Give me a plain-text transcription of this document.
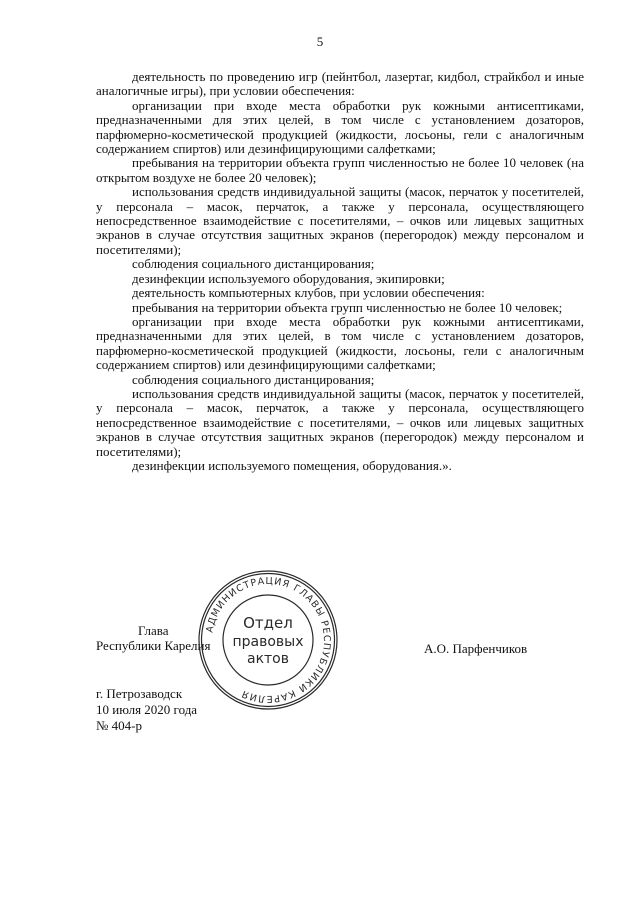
5

деятельность по проведению игр (пейнтбол, лазертаг, кидбол, страйкбол и иные аналогичные игры), при условии обеспечения:

организации при входе места обработки рук кожными антисептиками, предназначенными для этих целей, в том числе с установлением дозаторов, парфюмерно-косметической продукцией (жидкости, лосьоны, гели с аналогичным содержанием спиртов) или дезинфицирующими салфетками;

пребывания на территории объекта групп численностью не более 10 человек (на открытом воздухе не более 20 человек);

использования средств индивидуальной защиты (масок, перчаток у посетителей, у персонала – масок, перчаток, а также у персонала, осуществляющего непосредственное взаимодействие с посетителями, – очков или лицевых защитных экранов в случае отсутствия защитных экранов (перегородок) между персоналом и посетителями);

соблюдения социального дистанцирования;

дезинфекции используемого оборудования, экипировки;

деятельность компьютерных клубов, при условии обеспечения:

пребывания на территории объекта групп численностью не более 10 человек;

организации при входе места обработки рук кожными антисептиками, предназначенными для этих целей, в том числе с установлением дозаторов, парфюмерно-косметической продукцией (жидкости, лосьоны, гели с аналогичным содержанием спиртов) или дезинфицирующими салфетками;

соблюдения социального дистанцирования;

использования средств индивидуальной защиты (масок, перчаток у посетителей, у персонала – масок, перчаток, а также у персонала, осуществляющего непосредственное взаимодействие с посетителями, – очков или лицевых защитных экранов в случае отсутствия защитных экранов (перегородок) между персоналом и посетителями);

дезинфекции используемого помещения, оборудования.».

Глава
Республики Карелия	А.О. Парфенчиков
АДМИНИСТРАЦИЯ ГЛАВЫ РЕСПУБЛИКИ КАРЕЛИЯ
Отдел
правовых
актов
г. Петрозаводск
10 июля 2020 года
№ 404-р
